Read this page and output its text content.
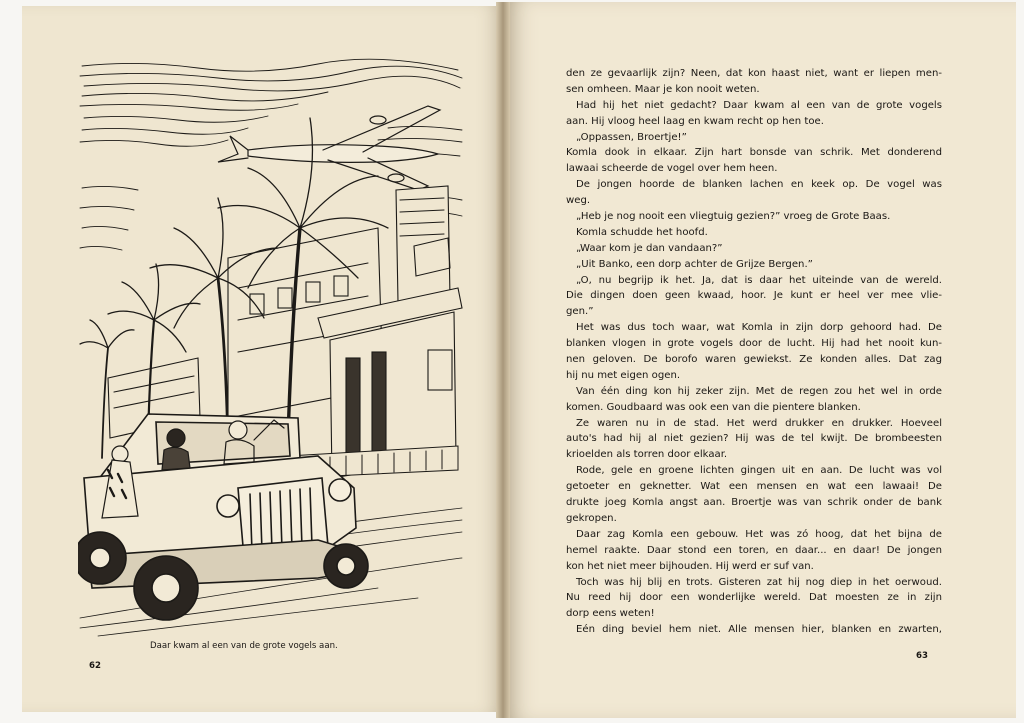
Daar kwam al een van de grote vogels aan.
62
den ze gevaarlijk zijn? Neen, dat kon haast niet, want er liepen men-
sen omheen. Maar je kon nooit weten.
Had hij het niet gedacht? Daar kwam al een van de grote vogels
aan. Hij vloog heel laag en kwam recht op hen toe.
„Oppassen, Broertje!”
Komla dook in elkaar. Zijn hart bonsde van schrik. Met donderend
lawaai scheerde de vogel over hem heen.
De jongen hoorde de blanken lachen en keek op. De vogel was
weg.
„Heb je nog nooit een vliegtuig gezien?” vroeg de Grote Baas.
Komla schudde het hoofd.
„Waar kom je dan vandaan?”
„Uit Banko, een dorp achter de Grijze Bergen.”
„O, nu begrijp ik het. Ja, dat is daar het uiteinde van de wereld.
Die dingen doen geen kwaad, hoor. Je kunt er heel ver mee vlie-
gen.”
Het was dus toch waar, wat Komla in zijn dorp gehoord had. De
blanken vlogen in grote vogels door de lucht. Hij had het nooit kun-
nen geloven. De borofo waren gewiekst. Ze konden alles. Dat zag
hij nu met eigen ogen.
Van één ding kon hij zeker zijn. Met de regen zou het wel in orde
komen. Goudbaard was ook een van die pientere blanken.
Ze waren nu in de stad. Het werd drukker en drukker. Hoeveel
auto's had hij al niet gezien? Hij was de tel kwijt. De brombeesten
krioelden als torren door elkaar.
Rode, gele en groene lichten gingen uit en aan. De lucht was vol
getoeter en geknetter. Wat een mensen en wat een lawaai! De
drukte joeg Komla angst aan. Broertje was van schrik onder de bank
gekropen.
Daar zag Komla een gebouw. Het was zó hoog, dat het bijna de
hemel raakte. Daar stond een toren, en daar... en daar! De jongen
kon het niet meer bijhouden. Hij werd er suf van.
Toch was hij blij en trots. Gisteren zat hij nog diep in het oerwoud.
Nu reed hij door een wonderlijke wereld. Dat moesten ze in zijn
dorp eens weten!
Eén ding beviel hem niet. Alle mensen hier, blanken en zwarten,
63
